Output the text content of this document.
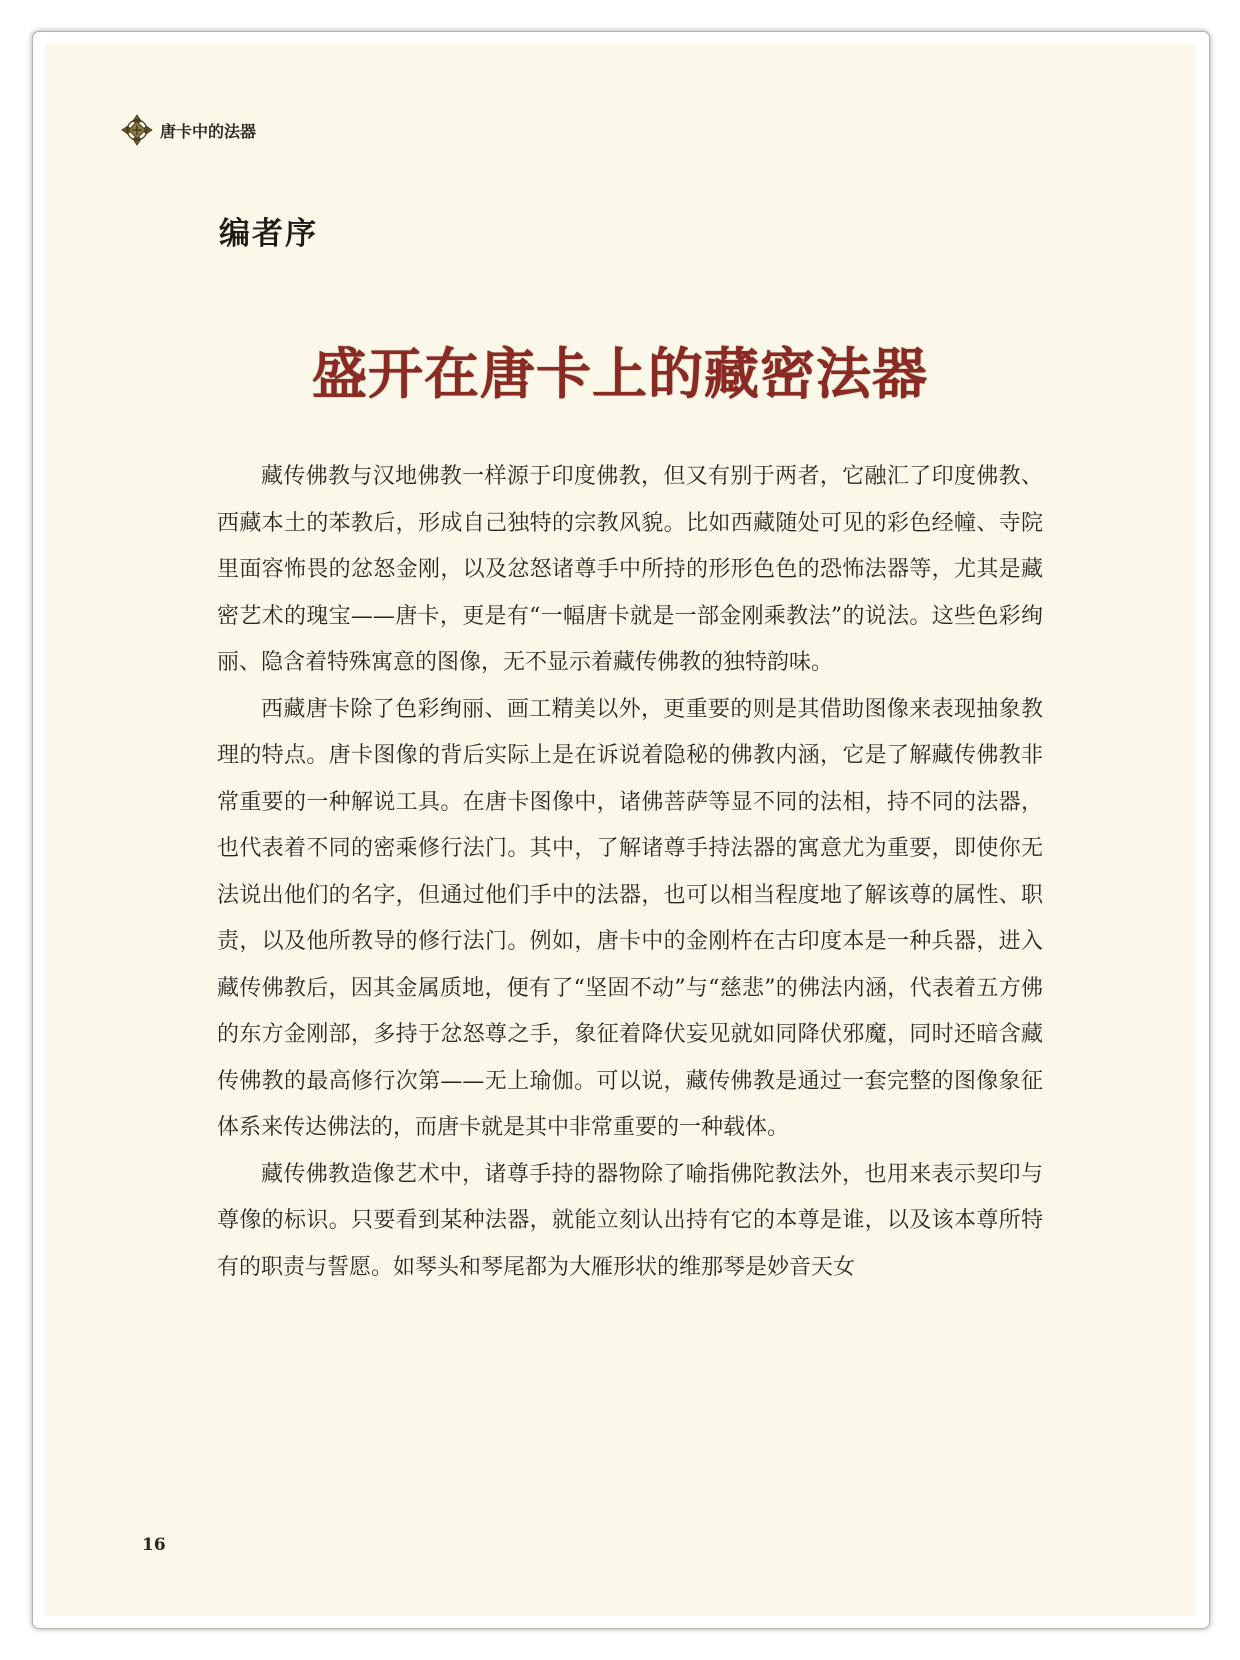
唐卡中的法器
编者序
盛开在唐卡上的藏密法器

藏传佛教与汉地佛教一样源于印度佛教，但又有别于两者，它融汇了印度佛教、西藏本土的苯教后，形成自己独特的宗教风貌。比如西藏随处可见的彩色经幢、寺院里面容怖畏的忿怒金刚，以及忿怒诸尊手中所持的形形色色的恐怖法器等，尤其是藏密艺术的瑰宝——唐卡，更是有“一幅唐卡就是一部金刚乘教法”的说法。这些色彩绚丽、隐含着特殊寓意的图像，无不显示着藏传佛教的独特韵味。

西藏唐卡除了色彩绚丽、画工精美以外，更重要的则是其借助图像来表现抽象教理的特点。唐卡图像的背后实际上是在诉说着隐秘的佛教内涵，它是了解藏传佛教非常重要的一种解说工具。在唐卡图像中，诸佛菩萨等显不同的法相，持不同的法器，也代表着不同的密乘修行法门。其中，了解诸尊手持法器的寓意尤为重要，即使你无法说出他们的名字，但通过他们手中的法器，也可以相当程度地了解该尊的属性、职责，以及他所教导的修行法门。例如，唐卡中的金刚杵在古印度本是一种兵器，进入藏传佛教后，因其金属质地，便有了“坚固不动”与“慈悲”的佛法内涵，代表着五方佛的东方金刚部，多持于忿怒尊之手，象征着降伏妄见就如同降伏邪魔，同时还暗含藏传佛教的最高修行次第——无上瑜伽。可以说，藏传佛教是通过一套完整的图像象征体系来传达佛法的，而唐卡就是其中非常重要的一种载体。

藏传佛教造像艺术中，诸尊手持的器物除了喻指佛陀教法外，也用来表示契印与尊像的标识。只要看到某种法器，就能立刻认出持有它的本尊是谁，以及该本尊所特有的职责与誓愿。如琴头和琴尾都为大雁形状的维那琴是妙音天女

16
